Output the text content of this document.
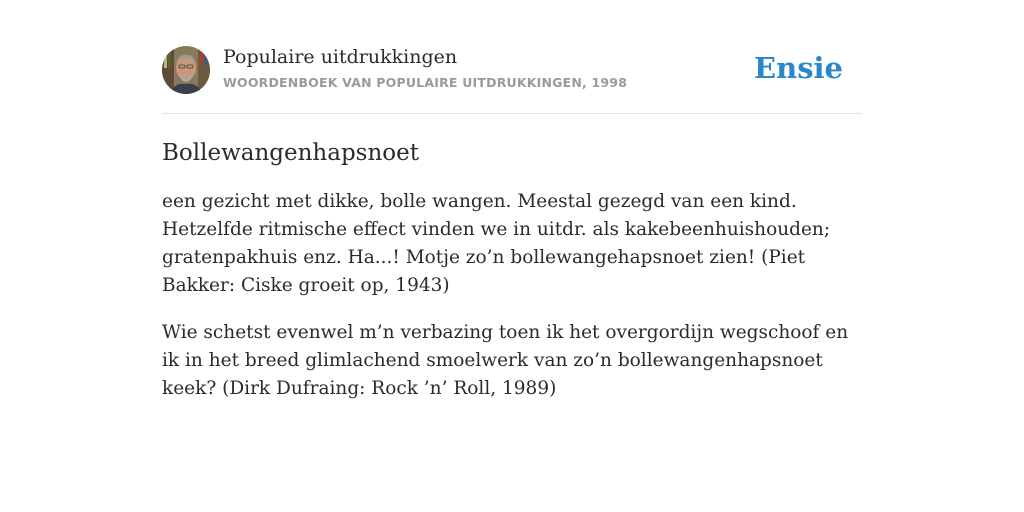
Populaire uitdrukkingen
WOORDENBOEK VAN POPULAIRE UITDRUKKINGEN, 1998	Ensie
Bollewangenhapsnoet

een gezicht met dikke, bolle wangen. Meestal gezegd van een kind. Hetzelfde ritmische effect vinden we in uitdr. als kakebeenhuishouden; gratenpakhuis enz. Ha...! Motje zo’n bollewangehapsnoet zien! (Piet Bakker: Ciske groeit op, 1943)

Wie schetst evenwel m’n verbazing toen ik het overgordijn wegschoof en ik in het breed glimlachend smoelwerk van zo’n bollewangenhapsnoet keek? (Dirk Dufraing: Rock ’n’ Roll, 1989)
